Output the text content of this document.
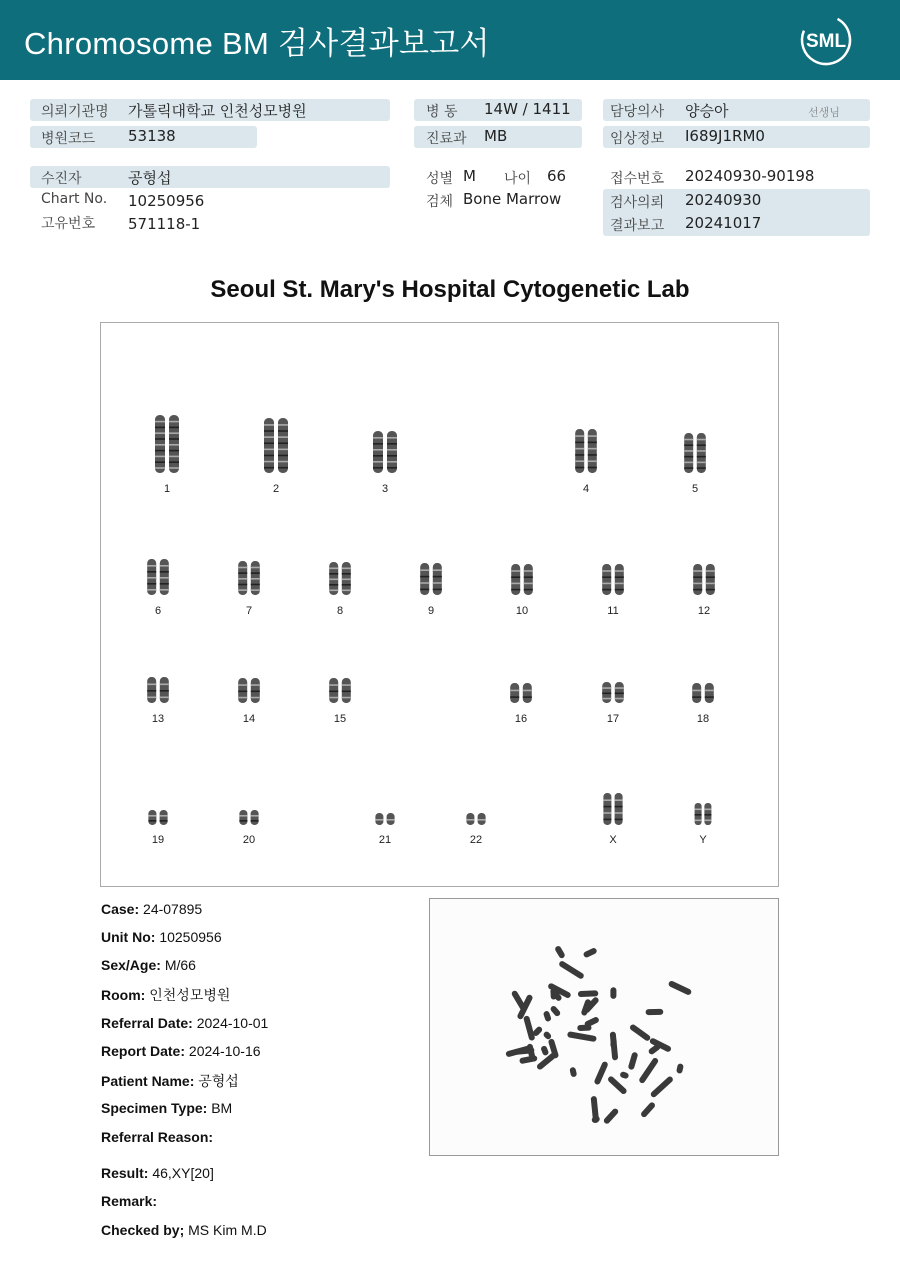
Chromosome BM 검사결과보고서	SML
의뢰기관명 가톨릭대학교 인천성모병원
병원코드 53138
병 동 14W / 1411
진료과 MB
담당의사 양승아	선생님
임상정보 I689J1RM0
수진자	공형섭
Chart No. 10250956
고유번호 571118-1
성별 M 나이 66
검체 Bone Marrow
접수번호 20240930-90198
검사의뢰 20240930
결과보고 20241017
Seoul St. Mary's Hospital Cytogenetic Lab
1	2	3	4	5
6	7	8	9	10	11	12
13	14	15	16	17	18
19	20	21	22	X	Y
Case: 24-07895
Unit No: 10250956
Sex/Age: M/66
Room: 인천성모병원
Referral Date: 2024-10-01
Report Date: 2024-10-16
Patient Name: 공형섭
Specimen Type: BM
Referral Reason:
Result: 46,XY[20]
Remark:
Checked by; MS Kim M.D
